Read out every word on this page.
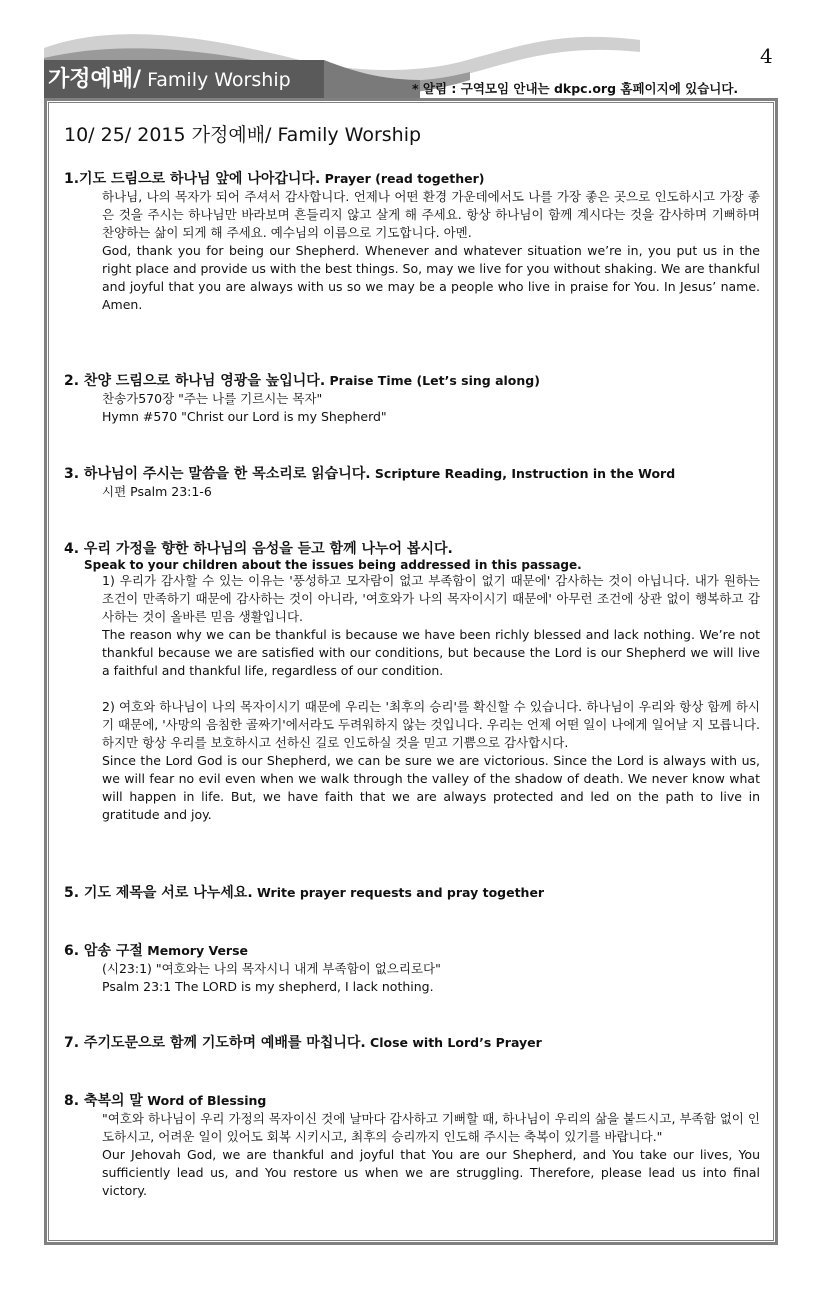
가정예배/ Family Worship
4
* 알림 : 구역모임 안내는 dkpc.org 홈페이지에 있습니다.
10/ 25/ 2015 가정예배/ Family Worship
1.기도 드림으로 하나님 앞에 나아갑니다. Prayer (read together)

하나님, 나의 목자가 되어 주셔서 감사합니다. 언제나 어떤 환경 가운데에서도 나를 가장 좋은 곳으로 인도하시고 가장 좋은 것을 주시는 하나님만 바라보며 흔들리지 않고 살게 해 주세요. 항상 하나님이 함께 계시다는 것을 감사하며 기뻐하며 찬양하는 삶이 되게 해 주세요. 예수님의 이름으로 기도합니다. 아멘.

God, thank you for being our Shepherd. Whenever and whatever situation we’re in, you put us in the right place and provide us with the best things. So, may we live for you without shaking. We are thankful and joyful that you are always with us so we may be a people who live in praise for You. In Jesus’ name. Amen.

2. 찬양 드림으로 하나님 영광을 높입니다. Praise Time (Let’s sing along)

찬송가570장 "주는 나를 기르시는 목자"

Hymn #570 "Christ our Lord is my Shepherd"

3. 하나님이 주시는 말씀을 한 목소리로 읽습니다. Scripture Reading, Instruction in the Word

시편 Psalm 23:1-6

4. 우리 가정을 향한 하나님의 음성을 듣고 함께 나누어 봅시다.
Speak to your children about the issues being addressed in this passage.

1) 우리가 감사할 수 있는 이유는 '풍성하고 모자람이 없고 부족함이 없기 때문에' 감사하는 것이 아닙니다. 내가 원하는 조건이 만족하기 때문에 감사하는 것이 아니라, '여호와가 나의 목자이시기 때문에' 아무런 조건에 상관 없이 행복하고 감사하는 것이 올바른 믿음 생활입니다.

The reason why we can be thankful is because we have been richly blessed and lack nothing. We’re not thankful because we are satisfied with our conditions, but because the Lord is our Shepherd we will live a faithful and thankful life, regardless of our condition.

2) 여호와 하나님이 나의 목자이시기 때문에 우리는 '최후의 승리'를 확신할 수 있습니다. 하나님이 우리와 항상 함께 하시기 때문에, '사망의 음침한 골짜기'에서라도 두려워하지 않는 것입니다. 우리는 언제 어떤 일이 나에게 일어날 지 모릅니다. 하지만 항상 우리를 보호하시고 선하신 길로 인도하실 것을 믿고 기쁨으로 감사합시다.

Since the Lord God is our Shepherd, we can be sure we are victorious. Since the Lord is always with us, we will fear no evil even when we walk through the valley of the shadow of death. We never know what will happen in life. But, we have faith that we are always protected and led on the path to live in gratitude and joy.

5. 기도 제목을 서로 나누세요. Write prayer requests and pray together
6. 암송 구절 Memory Verse

(시23:1) "여호와는 나의 목자시니 내게 부족함이 없으리로다"

Psalm 23:1 The LORD is my shepherd, I lack nothing.

7. 주기도문으로 함께 기도하며 예배를 마칩니다. Close with Lord’s Prayer
8. 축복의 말 Word of Blessing

"여호와 하나님이 우리 가정의 목자이신 것에 날마다 감사하고 기뻐할 때, 하나님이 우리의 삶을 붙드시고, 부족함 없이 인도하시고, 어려운 일이 있어도 회복 시키시고, 최후의 승리까지 인도해 주시는 축복이 있기를 바랍니다."

Our Jehovah God, we are thankful and joyful that You are our Shepherd, and You take our lives, You sufficiently lead us, and You restore us when we are struggling. Therefore, please lead us into final victory.
